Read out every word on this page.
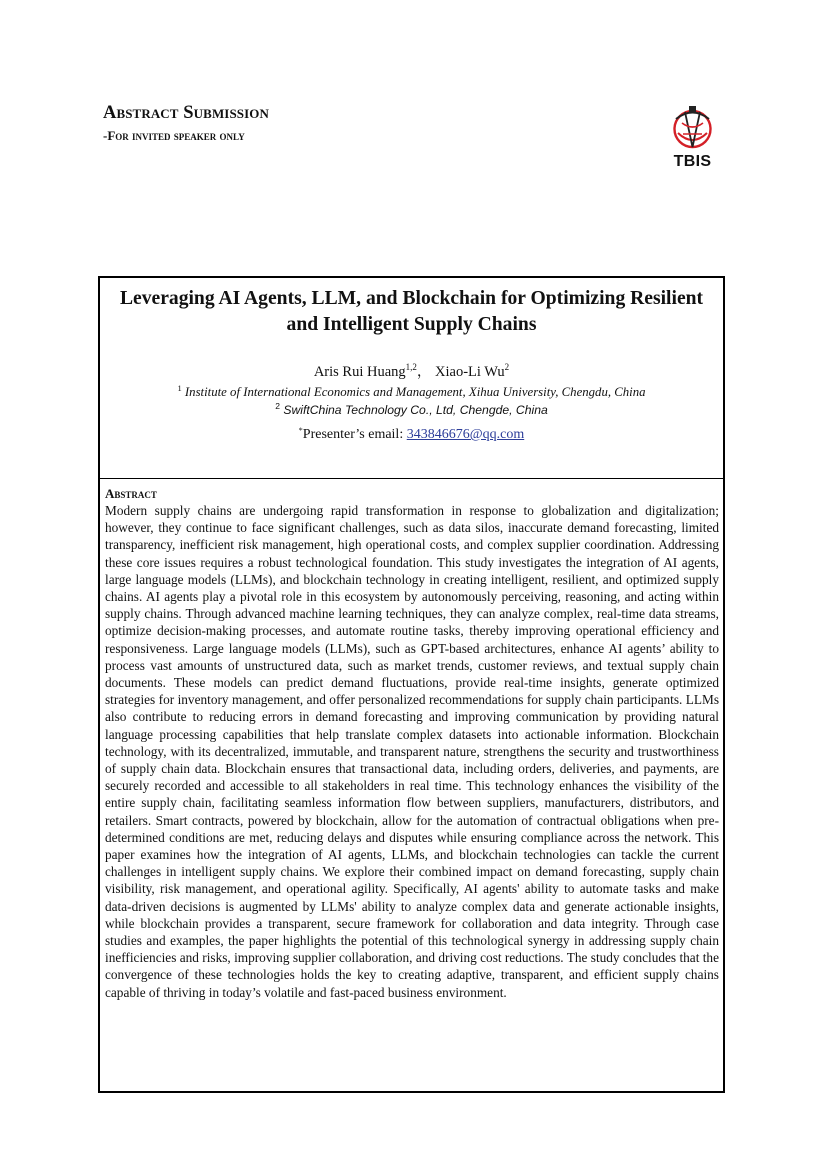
Abstract Submission
-For invited speaker only
TBIS
Leveraging AI Agents, LLM, and Blockchain for Optimizing Resilient and Intelligent Supply Chains
Aris Rui Huang$^{1,2}$， Xiao-Li Wu$^2$
$^1$ Institute of International Economics and Management, Xihua University, Chengdu, China
$^2$ SwiftChina Technology Co., Ltd, Chengde, China
*Presenter’s email: 343846676@qq.com
Abstract

Modern supply chains are undergoing rapid transformation in response to globalization and digitalization; however, they continue to face significant challenges, such as data silos, inaccurate demand forecasting, limited transparency, inefficient risk management, high operational costs, and complex supplier coordination. Addressing these core issues requires a robust technological foundation. This study investigates the integration of AI agents, large language models (LLMs), and blockchain technology in creating intelligent, resilient, and optimized supply chains. AI agents play a pivotal role in this ecosystem by autonomously perceiving, reasoning, and acting within supply chains. Through advanced machine learning techniques, they can analyze complex, real-time data streams, optimize decision-making processes, and automate routine tasks, thereby improving operational efficiency and responsiveness. Large language models (LLMs), such as GPT-based architectures, enhance AI agents’ ability to process vast amounts of unstructured data, such as market trends, customer reviews, and textual supply chain documents. These models can predict demand fluctuations, provide real-time insights, generate optimized strategies for inventory management, and offer personalized recommendations for supply chain participants. LLMs also contribute to reducing errors in demand forecasting and improving communication by providing natural language processing capabilities that help translate complex datasets into actionable information. Blockchain technology, with its decentralized, immutable, and transparent nature, strengthens the security and trustworthiness of supply chain data. Blockchain ensures that transactional data, including orders, deliveries, and payments, are securely recorded and accessible to all stakeholders in real time. This technology enhances the visibility of the entire supply chain, facilitating seamless information flow between suppliers, manufacturers, distributors, and retailers. Smart contracts, powered by blockchain, allow for the automation of contractual obligations when pre-determined conditions are met, reducing delays and disputes while ensuring compliance across the network. This paper examines how the integration of AI agents, LLMs, and blockchain technologies can tackle the current challenges in intelligent supply chains. We explore their combined impact on demand forecasting, supply chain visibility, risk management, and operational agility. Specifically, AI agents' ability to automate tasks and make data-driven decisions is augmented by LLMs' ability to analyze complex data and generate actionable insights, while blockchain provides a transparent, secure framework for collaboration and data integrity. Through case studies and examples, the paper highlights the potential of this technological synergy in addressing supply chain inefficiencies and risks, improving supplier collaboration, and driving cost reductions. The study concludes that the convergence of these technologies holds the key to creating adaptive, transparent, and efficient supply chains capable of thriving in today’s volatile and fast-paced business environment.
